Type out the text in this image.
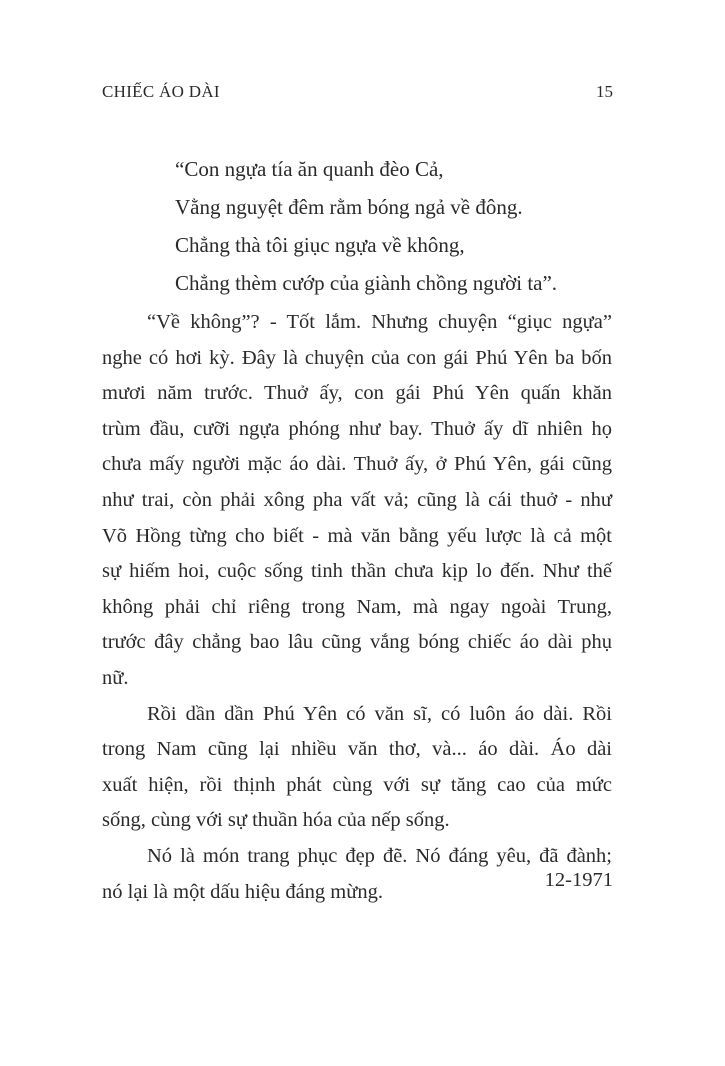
CHIẾC ÁO DÀI	15
“Con ngựa tía ăn quanh đèo Cả,
Vằng nguyệt đêm rằm bóng ngả về đông.
Chẳng thà tôi giục ngựa về không,
Chẳng thèm cướp của giành chồng người ta”.
“Về không”? - Tốt lắm. Nhưng chuyện “giục ngựa”
nghe có hơi kỳ. Đây là chuyện của con gái Phú Yên ba bốn
mươi năm trước. Thuở ấy, con gái Phú Yên quấn khăn
trùm đầu, cưỡi ngựa phóng như bay. Thuở ấy dĩ nhiên họ
chưa mấy người mặc áo dài. Thuở ấy, ở Phú Yên, gái cũng
như trai, còn phải xông pha vất vả; cũng là cái thuở - như
Võ Hồng từng cho biết - mà văn bằng yếu lược là cả một
sự hiếm hoi, cuộc sống tinh thần chưa kịp lo đến. Như thế
không phải chỉ riêng trong Nam, mà ngay ngoài Trung,
trước đây chẳng bao lâu cũng vắng bóng chiếc áo dài phụ
nữ.
Rồi dần dần Phú Yên có văn sĩ, có luôn áo dài. Rồi
trong Nam cũng lại nhiều văn thơ, và... áo dài. Áo dài
xuất hiện, rồi thịnh phát cùng với sự tăng cao của mức
sống, cùng với sự thuần hóa của nếp sống.
Nó là món trang phục đẹp đẽ. Nó đáng yêu, đã đành;
nó lại là một dấu hiệu đáng mừng.
12-1971
